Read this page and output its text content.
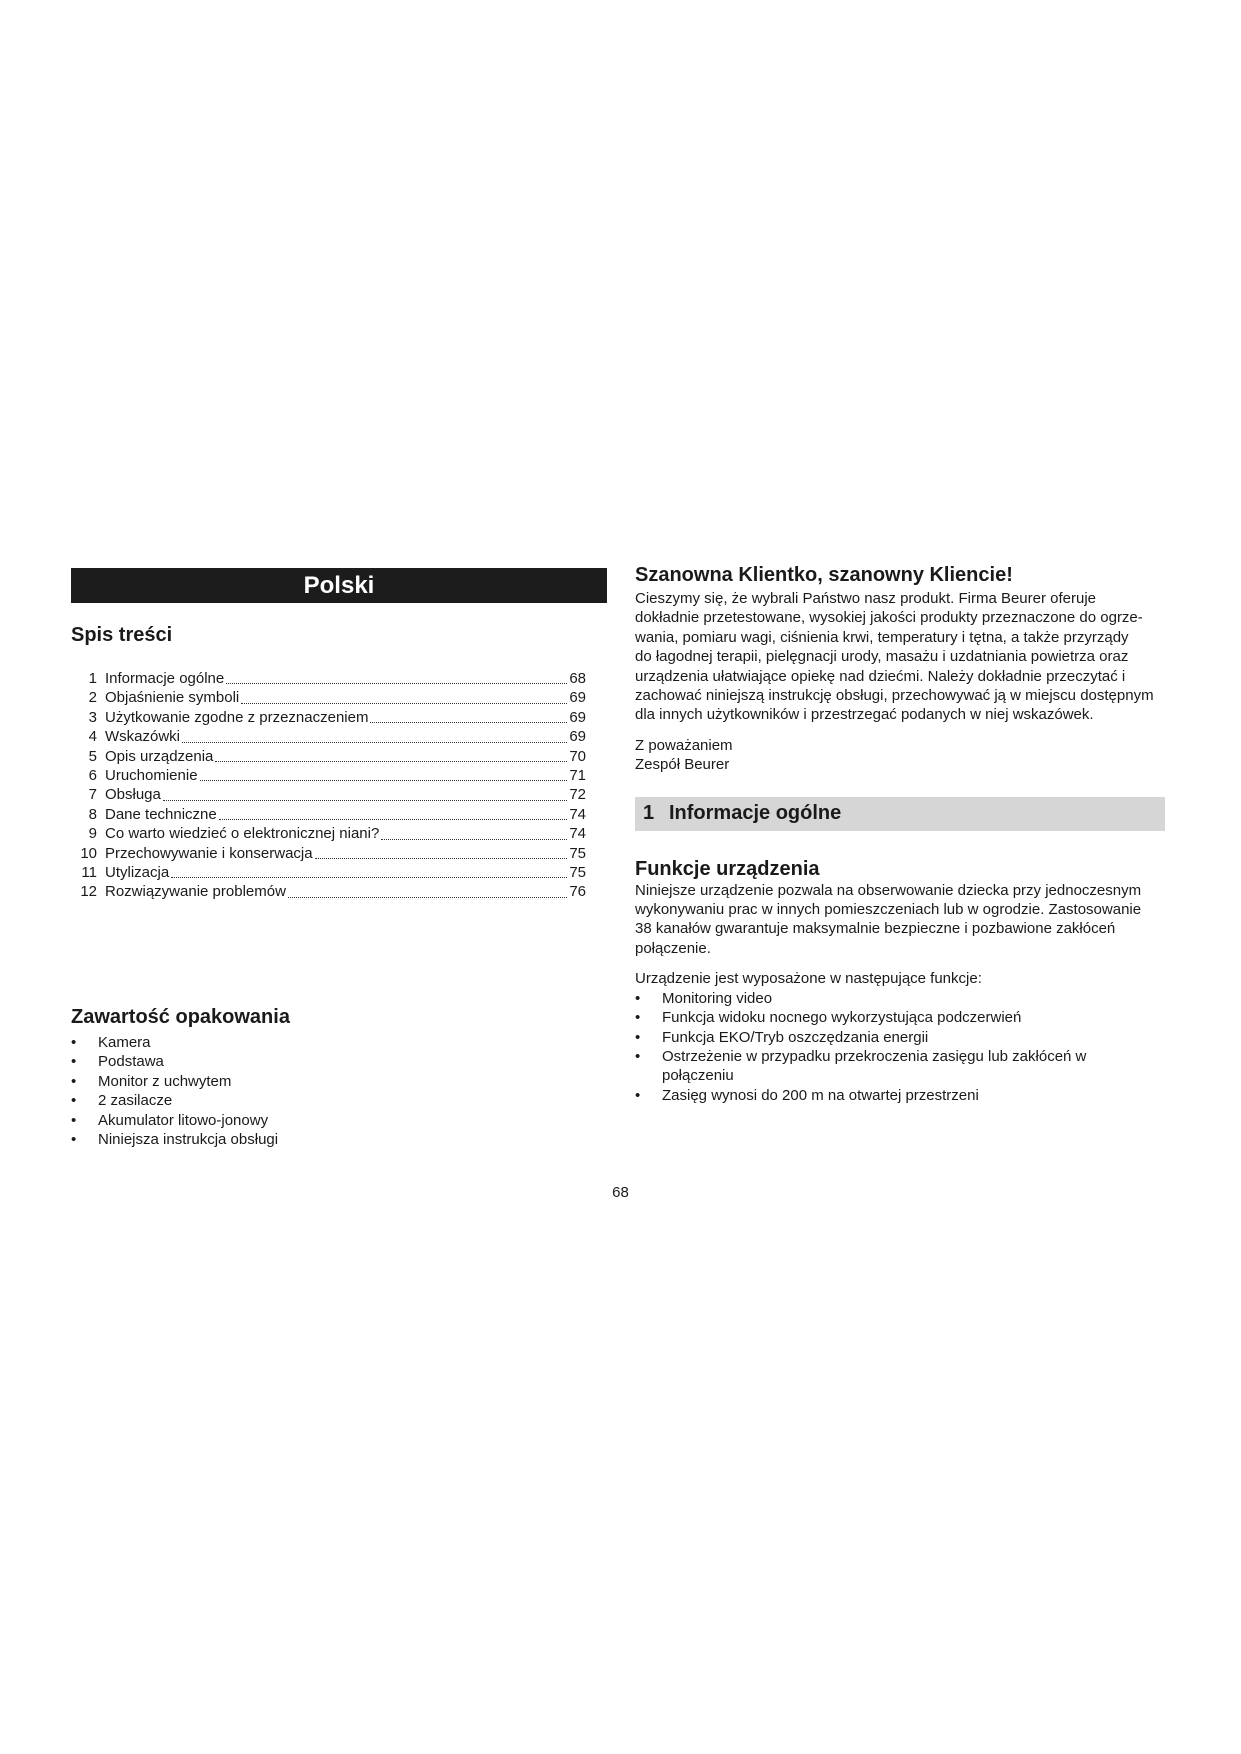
Polski
Spis treści
1 Informacje ogólne	68
2 Objaśnienie symboli	69
3 Użytkowanie zgodne z przeznaczeniem	69
4 Wskazówki	69
5 Opis urządzenia	70
6 Uruchomienie	71
7 Obsługa	72
8 Dane techniczne	74
9 Co warto wiedzieć o elektronicznej niani?	74
10 Przechowywanie i konserwacja	75
11 Utylizacja	75
12 Rozwiązywanie problemów	76
Zawartość opakowania
• Kamera
• Podstawa
• Monitor z uchwytem
• 2 zasilacze
• Akumulator litowo-jonowy
• Niniejsza instrukcja obsługi
Szanowna Klientko, szanowny Kliencie!
Cieszymy się, że wybrali Państwo nasz produkt. Firma Beurer oferuje
dokładnie przetestowane, wysokiej jakości produkty przeznaczone do ogrze-
wania, pomiaru wagi, ciśnienia krwi, temperatury i tętna, a także przyrządy
do łagodnej terapii, pielęgnacji urody, masażu i uzdatniania powietrza oraz
urządzenia ułatwiające opiekę nad dziećmi. Należy dokładnie przeczytać i
zachować niniejszą instrukcję obsługi, przechowywać ją w miejscu dostępnym
dla innych użytkowników i przestrzegać podanych w niej wskazówek.
Z poważaniem
Zespół Beurer
1 Informacje ogólne
Funkcje urządzenia
Niniejsze urządzenie pozwala na obserwowanie dziecka przy jednoczesnym
wykonywaniu prac w innych pomieszczeniach lub w ogrodzie. Zastosowanie
38 kanałów gwarantuje maksymalnie bezpieczne i pozbawione zakłóceń
połączenie.
Urządzenie jest wyposażone w następujące funkcje:
• Monitoring video
• Funkcja widoku nocnego wykorzystująca podczerwień
• Funkcja EKO/Tryb oszczędzania energii
• Ostrzeżenie w przypadku przekroczenia zasięgu lub zakłóceń w
połączeniu
• Zasięg wynosi do 200 m na otwartej przestrzeni
68
